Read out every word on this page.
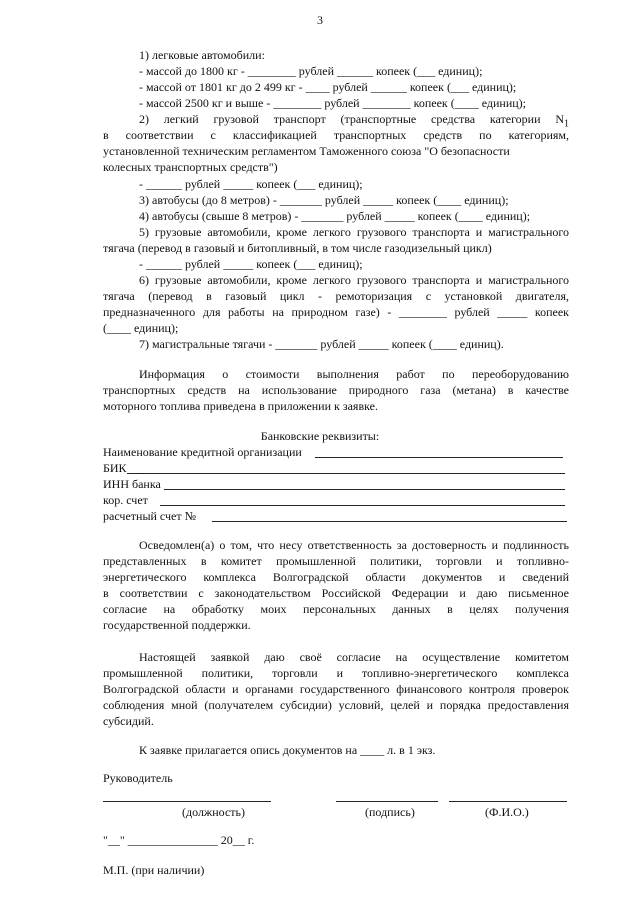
3
1) легковые автомобили:
- массой до 1800 кг - ________ рублей ______ копеек (___ единиц);
- массой от 1801 кг до 2 499 кг - ____ рублей ______ копеек (___ единиц);
- массой 2500 кг и выше - ________ рублей ________ копеек (____ единиц);
2) легкий грузовой транспорт (транспортные средства категории $N_1$
в соответствии с классификацией транспортных средств по категориям,
установленной техническим регламентом Таможенного союза "О безопасности
колесных транспортных средств")
- ______ рублей _____ копеек (___ единиц);
3) автобусы (до 8 метров) - _______ рублей _____ копеек (____ единиц);
4) автобусы (свыше 8 метров) - _______ рублей _____ копеек (____ единиц);
5) грузовые автомобили, кроме легкого грузового транспорта и магистрального
тягача (перевод в газовый и битопливный, в том числе газодизельный цикл)
- ______ рублей _____ копеек (___ единиц);
6) грузовые автомобили, кроме легкого грузового транспорта и магистрального
тягача (перевод в газовый цикл - ремоторизация с установкой двигателя,
предназначенного для работы на природном газе) - ________ рублей _____ копеек
(____ единиц);
7) магистральные тягачи - _______ рублей _____ копеек (____ единиц).
Информация о стоимости выполнения работ по переоборудованию
транспортных средств на использование природного газа (метана) в качестве
моторного топлива приведена в приложении к заявке.
Банковские реквизиты:
Наименование кредитной организации
БИК
ИНН банка
кор. счет
расчетный счет №
Осведомлен(а) о том, что несу ответственность за достоверность и подлинность
представленных в комитет промышленной политики, торговли и топливно-
энергетического комплекса Волгоградской области документов и сведений
в соответствии с законодательством Российской Федерации и даю письменное
согласие на обработку моих персональных данных в целях получения
государственной поддержки.
Настоящей заявкой даю своё согласие на осуществление комитетом
промышленной политики, торговли и топливно-энергетического комплекса
Волгоградской области и органами государственного финансового контроля проверок
соблюдения мной (получателем субсидии) условий, целей и порядка предоставления
субсидий.
К заявке прилагается опись документов на ____ л. в 1 экз.
Руководитель
(должность)	(подпись)	(Ф.И.О.)
"__" _______________ 20__ г.
М.П. (при наличии)
